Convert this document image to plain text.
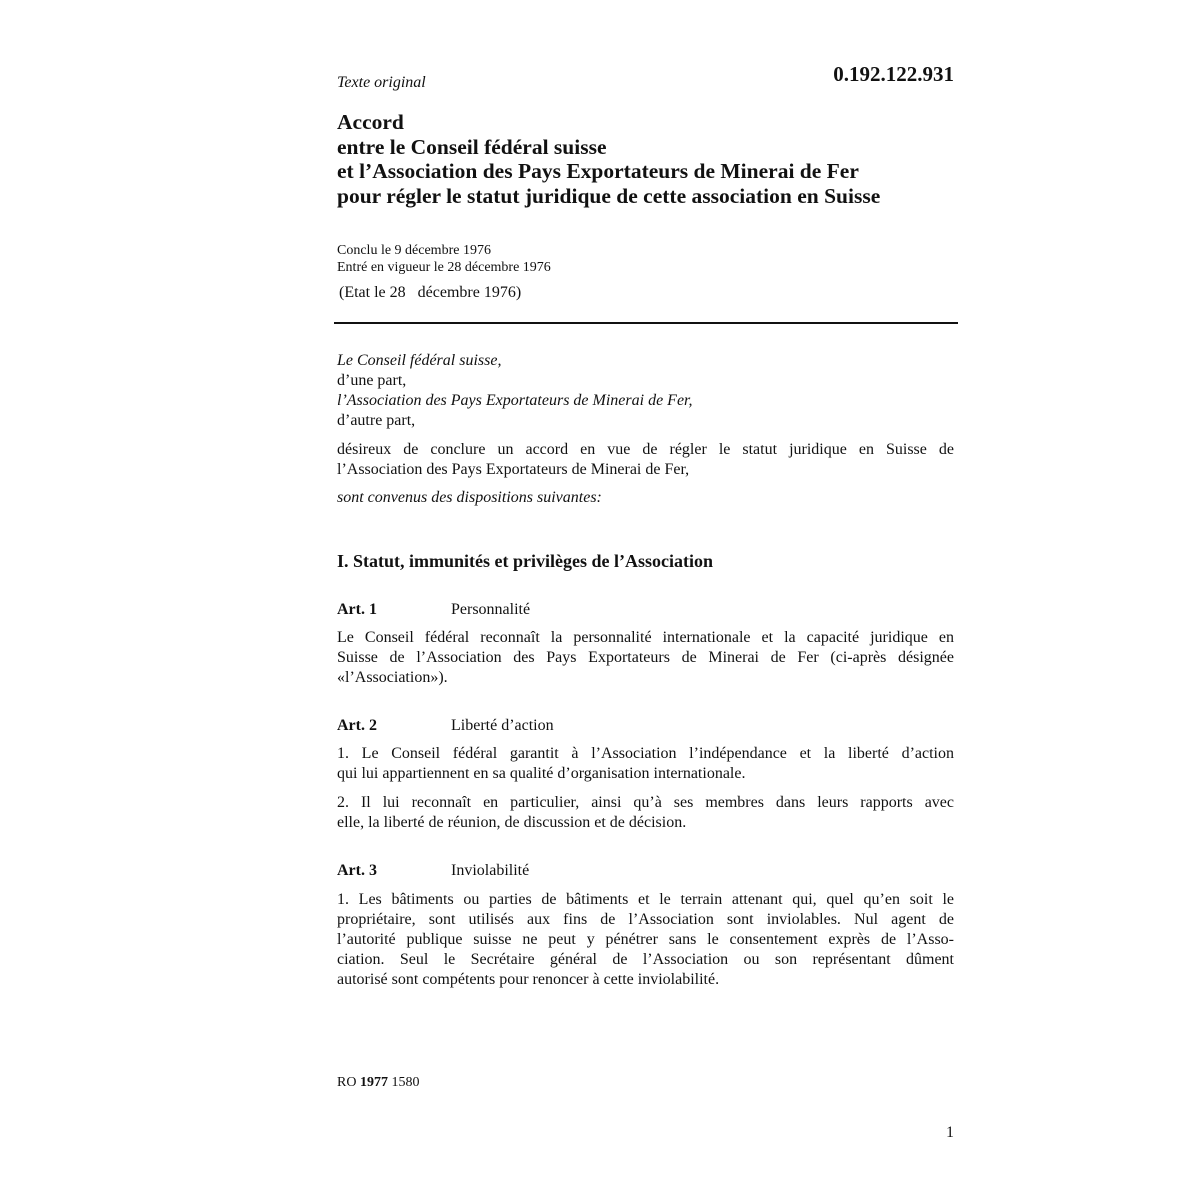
Texte original	0.192.122.931
Accord
entre le Conseil fédéral suisse
et l’Association des Pays Exportateurs de Minerai de Fer
pour régler le statut juridique de cette association en Suisse
Conclu le 9 décembre 1976
Entré en vigueur le 28 décembre 1976
(Etat le 28   décembre 1976)
Le Conseil fédéral suisse,
d’une part,
l’Association des Pays Exportateurs de Minerai de Fer,
d’autre part,
désireux de conclure un accord en vue de régler le statut juridique en Suisse de
l’Association des Pays Exportateurs de Minerai de Fer,
sont convenus des dispositions suivantes:
I. Statut, immunités et privilèges de l’Association
Art. 1	Personnalité
Le Conseil fédéral reconnaît la personnalité internationale et la capacité juridique en
Suisse de l’Association des Pays Exportateurs de Minerai de Fer (ci-après désignée
«l’Association»).
Art. 2	Liberté d’action
1. Le Conseil fédéral garantit à l’Association l’indépendance et la liberté d’action
qui lui appartiennent en sa qualité d’organisation internationale.
2. Il lui reconnaît en particulier, ainsi qu’à ses membres dans leurs rapports avec
elle, la liberté de réunion, de discussion et de décision.
Art. 3	Inviolabilité
1. Les bâtiments ou parties de bâtiments et le terrain attenant qui, quel qu’en soit le
propriétaire, sont utilisés aux fins de l’Association sont inviolables. Nul agent de
l’autorité publique suisse ne peut y pénétrer sans le consentement exprès de l’Asso-
ciation. Seul le Secrétaire général de l’Association ou son représentant dûment
autorisé sont compétents pour renoncer à cette inviolabilité.
RO 1977 1580
1
